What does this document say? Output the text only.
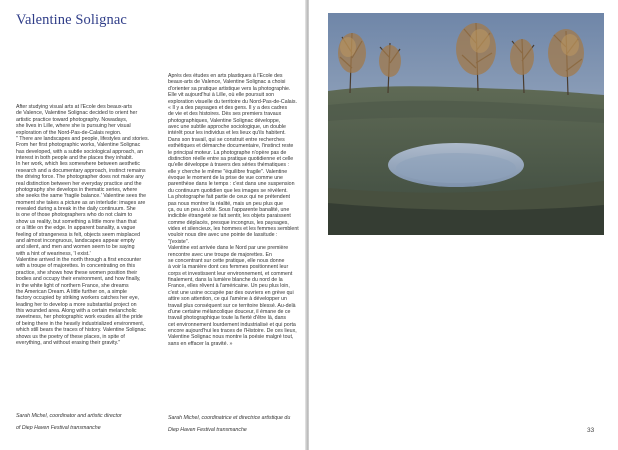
Valentine Solignac

After studying visual arts at l'Ecole des beaux-arts

de Valence, Valentine Solignac decided to orient her

artistic practice toward photography. Nowadays,

she lives in Lille, where she is pursuing her visual

exploration of the Nord-Pas-de-Calais region.

" There are landscapes and people, lifestyles and stories.

From her first photographic works, Valentine Solignac

has developed, with a subtle sociological approach, an

interest in both people and the places they inhabit.

In her work, which lies somewhere between aesthetic

research and a documentary approach, instinct remains

the driving force. The photographer does not make any

real distinction between her everyday practice and the

photography she develops in thematic series, where

she seeks the same 'fragile balance.' Valentine sees the

moment she takes a picture as an interlude: images are

revealed during a break in the daily continuum. She

is one of those photographers who do not claim to

show us reality, but something a little more than that

or a little on the edge. In apparent banality, a vague

feeling of strangeness is felt, objects seem misplaced

and almost incongruous, landscapes appear empty

and silent, and men and women seem to be saying

with a hint of weariness, 'I exist.'

Valentine arrived in the north through a first encounter

with a troupe of majorettes. In concentrating on this

practice, she shows how these women position their

bodies and occupy their environment, and how finally,

in the white light of northern France, she dreams

the American Dream. A little further on, a simple

factory occupied by striking workers catches her eye,

leading her to develop a more substantial project on

this wounded area. Along with a certain melancholic

sweetness, her photographic work exudes all the pride

of being there in the heavily industrialized environment,

which still bears the traces of history. Valentine Solignac

shows us the poetry of these places, in spite of

everything, and without erasing their gravity."

Sarah Michel, coordinator and artistic director

of Diep Haven Festival transmanche

Après des études en arts plastiques à l'Ecole des

beaux-arts de Valence, Valentine Solignac a choisi

d'orienter sa pratique artistique vers la photographie.

Elle vit aujourd'hui à Lille, où elle poursuit son

exploration visuelle du territoire du Nord-Pas-de-Calais.

« Il y a des paysages et des gens. Il y a des cadres

de vie et des histoires. Dès ses premiers travaux

photographiques, Valentine Solignac développe,

avec une subtile approche sociologique, un double

intérêt pour les individus et les lieux qu'ils habitent.

Dans son travail, qui se construit entre recherches

esthétiques et démarche documentaire, l'instinct reste

le principal moteur. La photographe n'opère pas de

distinction réelle entre sa pratique quotidienne et celle

qu'elle développe à travers des séries thématiques :

elle y cherche le même "équilibre fragile". Valentine

évoque le moment de la prise de vue comme une

parenthèse dans le temps : c'est dans une suspension

du continuum quotidien que les images se révèlent.

La photographe fait partie de ceux qui ne prétendent

pas nous montrer la réalité, mais un peu plus que

ça, ou un peu à côté. Sous l'apparente banalité, une

indicible étrangeté se fait sentir, les objets paraissent

comme déplacés, presque incongrus, les paysages,

vides et silencieux, les hommes et les femmes semblent

vouloir nous dire avec une pointe de lassitude :

"j'existe".

Valentine est arrivée dans le Nord par une première

rencontre avec une troupe de majorettes. En

se concentrant sur cette pratique, elle nous donne

à voir la manière dont ces femmes positionnent leur

corps et investissent leur environnement, et comment

finalement, dans la lumière blanche du nord de la

France, elles rêvent à l'américaine. Un peu plus loin,

c'est une usine occupée par des ouvriers en grève qui

attire son attention, ce qui l'amène à développer un

travail plus conséquent sur ce territoire blessé. Au-delà

d'une certaine mélancolique douceur, il émane de ce

travail photographique toute la fierté d'être là, dans

cet environnement lourdement industrialisé et qui porta

encore aujourd'hui les traces de l'Histoire. De ces lieux,

Valentine Solignac nous montre la poésie malgré tout,

sans en effacer la gravité. »

Sarah Michel, coordinatrice et directrice artistique du

Diep Haven Festival transmanche	33
